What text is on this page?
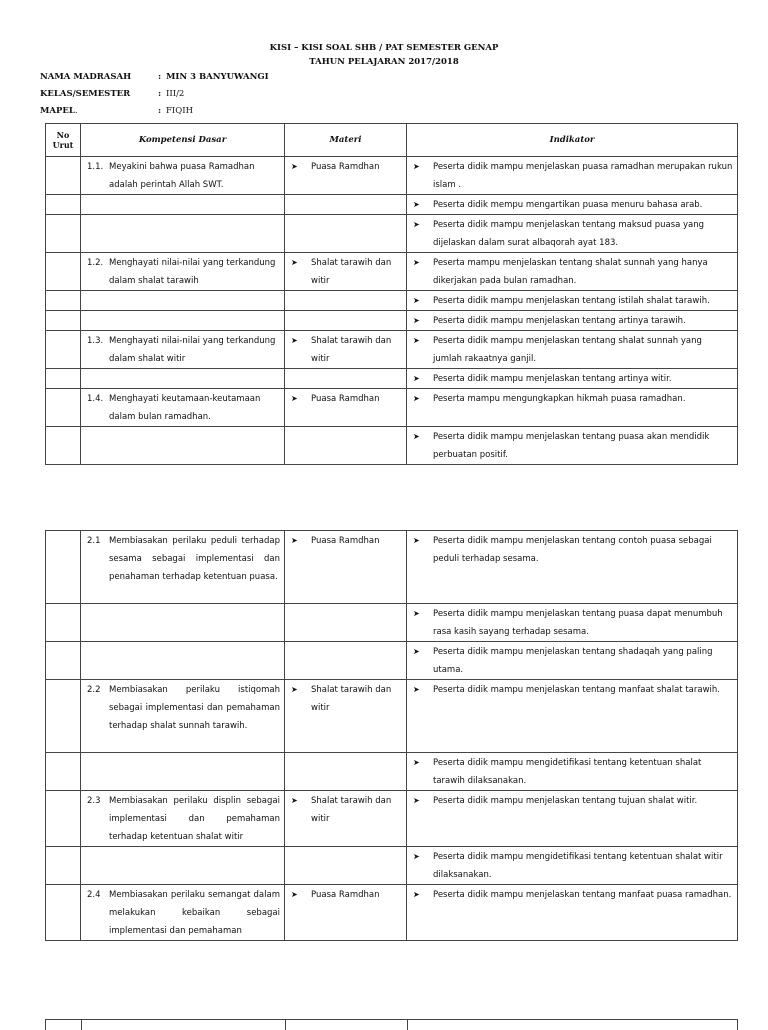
KISI – KISI SOAL SHB / PAT SEMESTER GENAP
TAHUN PELAJARAN 2017/2018
NAMA MADRASAH	: MIN 3 BANYUWANGI
KELAS/SEMESTER	: III/2
MAPEL.	: FIQIH
No Urut	Kompetensi Dasar	Materi	Indikator

	1.1. Meyakini bahwa puasa Ramadhan adalah perintah Allah SWT.	➤ Puasa Ramdhan	➤ Peserta didik mampu menjelaskan puasa ramadhan merupakan rukun islam .

			➤ Peserta didik mempu mengartikan puasa menuru bahasa arab.

			➤ Peserta didik mampu menjelaskan tentang maksud puasa yang dijelaskan dalam surat albaqorah ayat 183.

	1.2. Menghayati nilai-nilai yang terkandung dalam shalat tarawih	➤ Shalat tarawih dan witir	➤ Peserta mampu menjelaskan tentang shalat sunnah yang hanya dikerjakan pada bulan ramadhan.

			➤ Peserta didik mampu menjelaskan tentang istilah shalat tarawih.

			➤ Peserta didik mampu menjelaskan tentang artinya tarawih.

	1.3. Menghayati nilai-nilai yang terkandung dalam shalat witir	➤ Shalat tarawih dan witir	➤ Peserta didik mampu menjelaskan tentang shalat sunnah yang jumlah rakaatnya ganjil.

			➤ Peserta didik mampu menjelaskan tentang artinya witir.

	1.4. Menghayati keutamaan-keutamaan dalam bulan ramadhan.	➤ Puasa Ramdhan	➤ Peserta mampu mengungkapkan hikmah puasa ramadhan.

			➤ Peserta didik mampu menjelaskan tentang puasa akan mendidik perbuatan positif.

	2.1 Membiasakan perilaku peduli terhadap sesama sebagai implementasi dan penahaman terhadap ketentuan puasa.	➤ Puasa Ramdhan	➤ Peserta didik mampu menjelaskan tentang contoh puasa sebagai peduli terhadap sesama.

			➤ Peserta didik mampu menjelaskan tentang puasa dapat menumbuh rasa kasih sayang terhadap sesama.

			➤ Peserta didik mampu menjelaskan tentang shadaqah yang paling utama.

	2.2 Membiasakan perilaku istiqomah sebagai implementasi dan pemahaman terhadap shalat sunnah tarawih.	➤ Shalat tarawih dan witir	➤ Peserta didik mampu menjelaskan tentang manfaat shalat tarawih.

			➤ Peserta didik mampu mengidetifikasi tentang ketentuan shalat tarawih dilaksanakan.

	2.3 Membiasakan perilaku displin sebagai implementasi dan pemahaman terhadap ketentuan shalat witir	➤ Shalat tarawih dan witir	➤ Peserta didik mampu menjelaskan tentang tujuan shalat witir.

			➤ Peserta didik mampu mengidetifikasi tentang ketentuan shalat witir dilaksanakan.

	2.4 Membiasakan perilaku semangat dalam melakukan kebaikan sebagai implementasi dan pemahaman	➤ Puasa Ramdhan	➤ Peserta didik mampu menjelaskan tentang manfaat puasa ramadhan.
